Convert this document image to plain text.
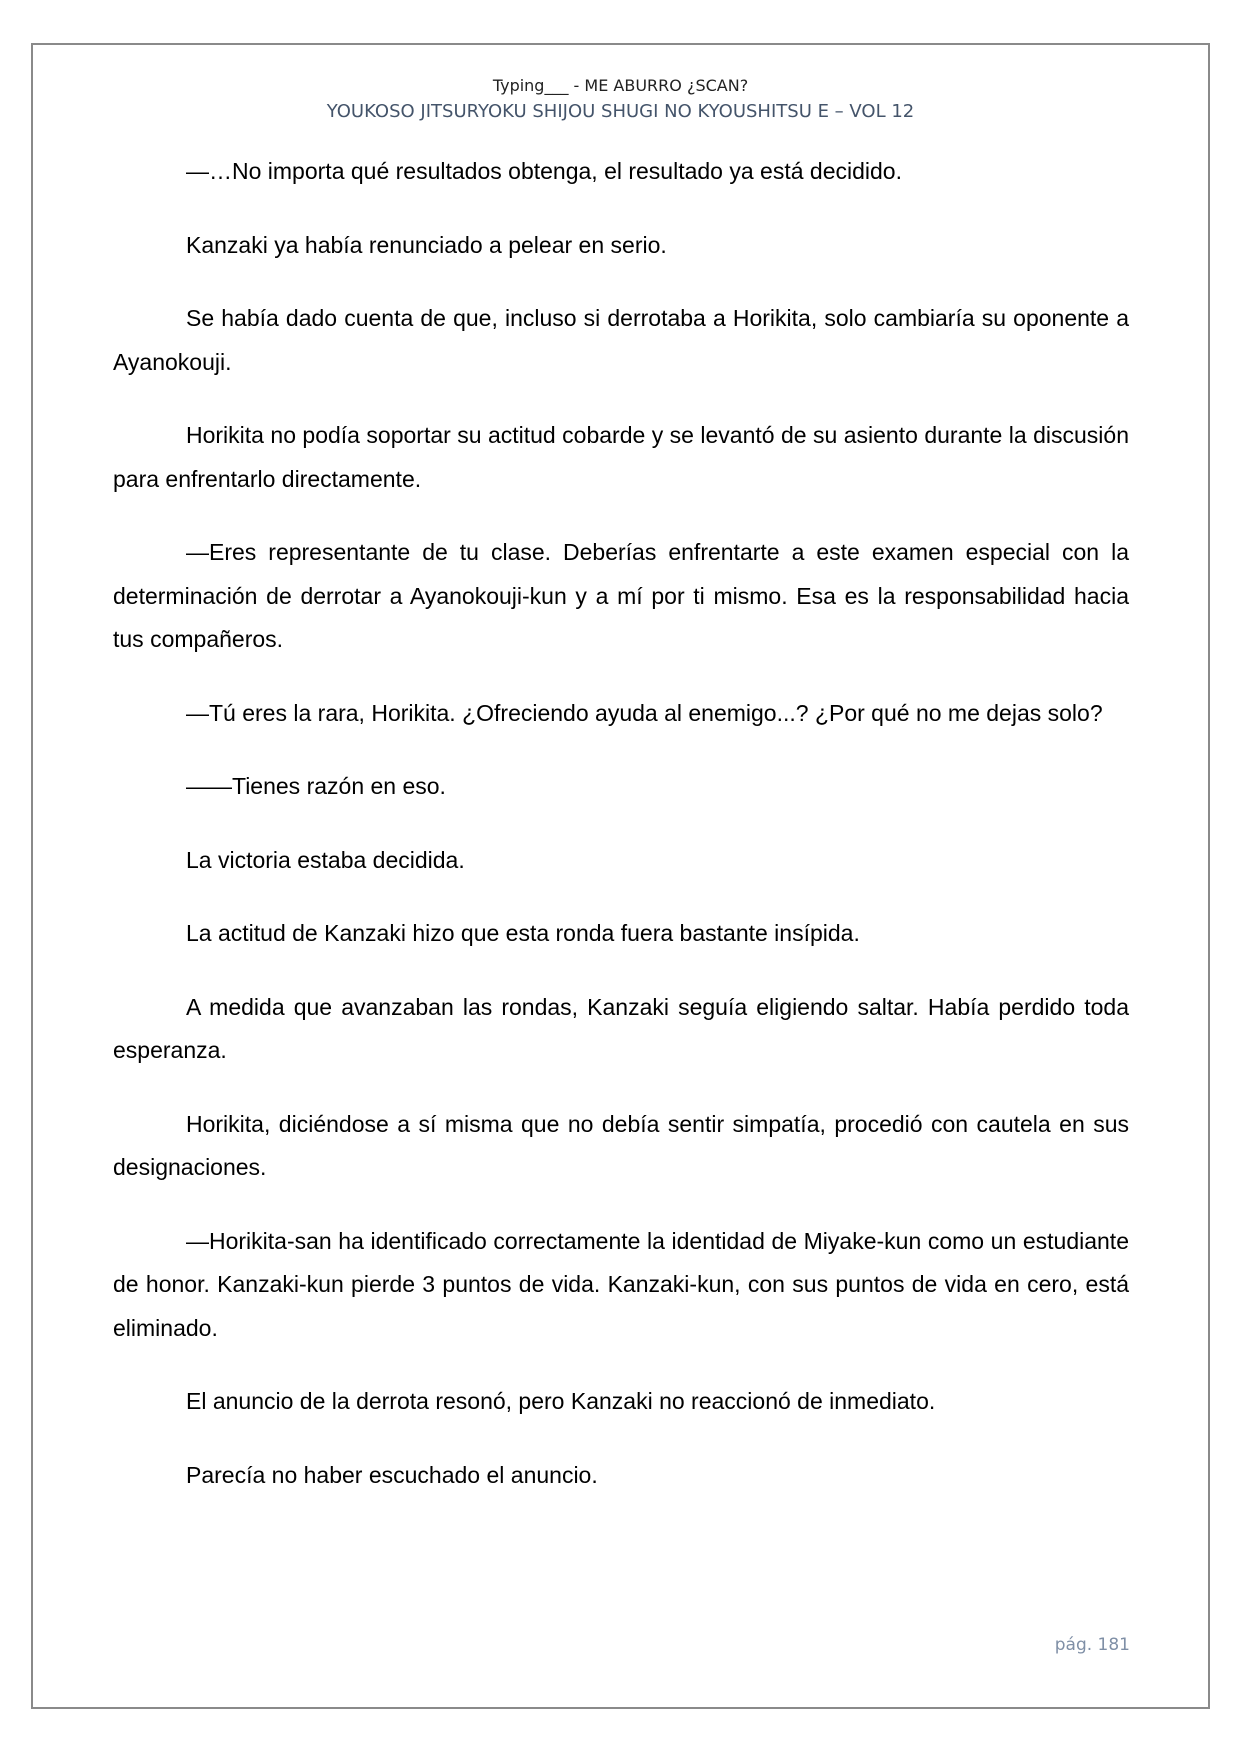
Typing___ - ME ABURRO ¿SCAN?
YOUKOSO JITSURYOKU SHIJOU SHUGI NO KYOUSHITSU E – VOL 12

—…No importa qué resultados obtenga, el resultado ya está decidido.

Kanzaki ya había renunciado a pelear en serio.

Se había dado cuenta de que, incluso si derrotaba a Horikita, solo cambiaría su oponente a Ayanokouji.

Horikita no podía soportar su actitud cobarde y se levantó de su asiento durante la discusión para enfrentarlo directamente.

—Eres representante de tu clase. Deberías enfrentarte a este examen especial con la determinación de derrotar a Ayanokouji-kun y a mí por ti mismo. Esa es la responsabilidad hacia tus compañeros.

—Tú eres la rara, Horikita. ¿Ofreciendo ayuda al enemigo...? ¿Por qué no me dejas solo?

——Tienes razón en eso.

La victoria estaba decidida.

La actitud de Kanzaki hizo que esta ronda fuera bastante insípida.

A medida que avanzaban las rondas, Kanzaki seguía eligiendo saltar. Había perdido toda esperanza.

Horikita, diciéndose a sí misma que no debía sentir simpatía, procedió con cautela en sus designaciones.

—Horikita-san ha identificado correctamente la identidad de Miyake-kun como un estudiante de honor. Kanzaki-kun pierde 3 puntos de vida. Kanzaki-kun, con sus puntos de vida en cero, está eliminado.

El anuncio de la derrota resonó, pero Kanzaki no reaccionó de inmediato.

Parecía no haber escuchado el anuncio.

pág. 181
